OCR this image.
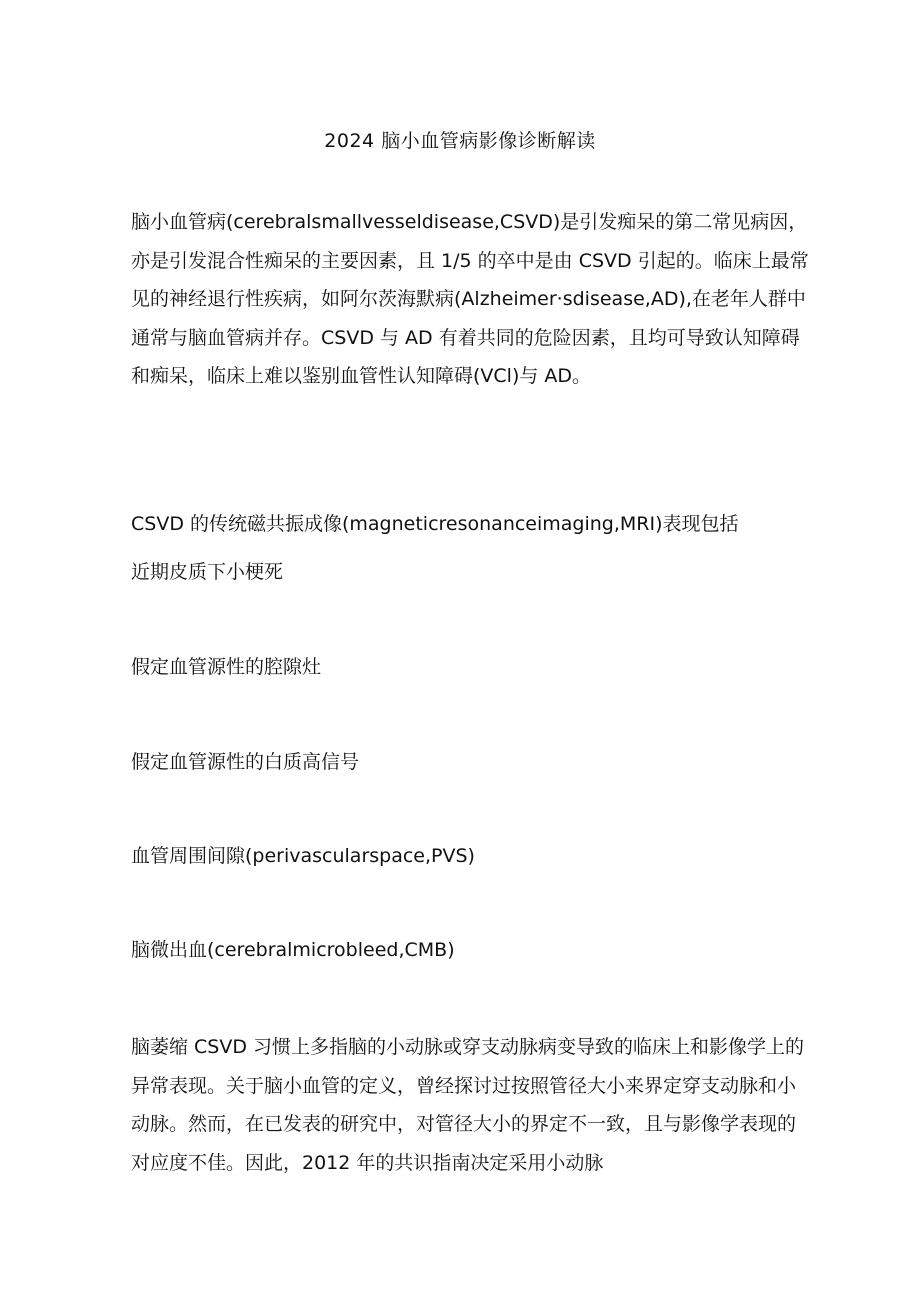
2024 脑小血管病影像诊断解读
脑小血管病(cerebralsmallvesseldisease,CSVD)是引发痴呆的第二常见病因，
亦是引发混合性痴呆的主要因素，且 1/5 的卒中是由 CSVD 引起的。临床上最常
见的神经退行性疾病，如阿尔茨海默病(Alzheimer·sdisease,AD),在老年人群中
通常与脑血管病并存。CSVD 与 AD 有着共同的危险因素，且均可导致认知障碍
和痴呆，临床上难以鉴别血管性认知障碍(VCl)与 AD。
CSVD 的传统磁共振成像(magneticresonanceimaging,MRI)表现包括
近期皮质下小梗死
假定血管源性的腔隙灶
假定血管源性的白质高信号
血管周围间隙(perivascularspace,PVS)
脑微出血(cerebralmicrobleed,CMB)
脑萎缩 CSVD 习惯上多指脑的小动脉或穿支动脉病变导致的临床上和影像学上的
异常表现。关于脑小血管的定义，曾经探讨过按照管径大小来界定穿支动脉和小
动脉。然而，在已发表的研究中，对管径大小的界定不一致，且与影像学表现的
对应度不佳。因此，2012 年的共识指南决定采用小动脉
